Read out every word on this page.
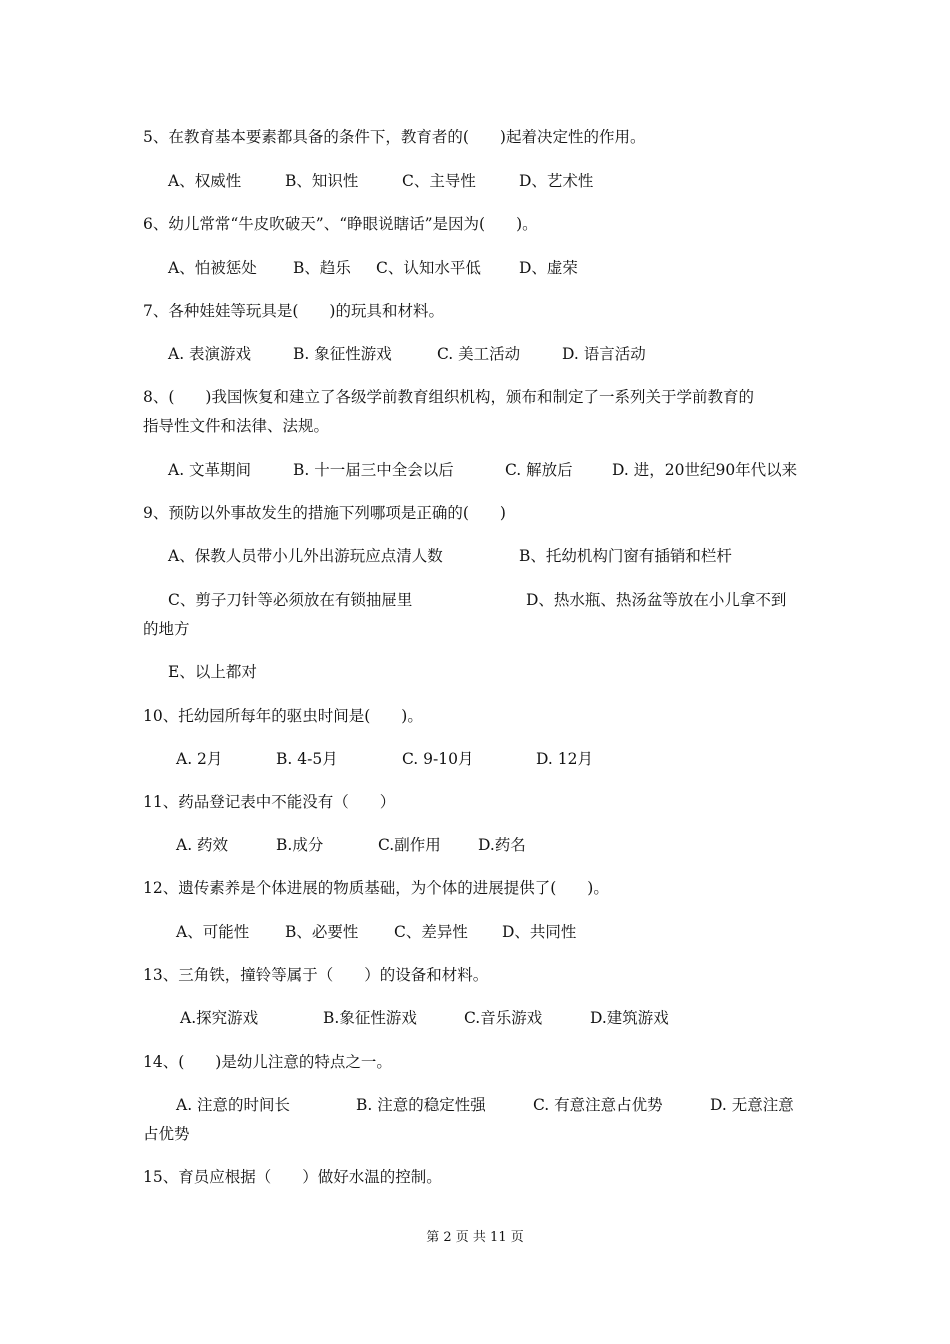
5、在教育基本要素都具备的条件下，教育者的(　　)起着决定性的作用。
A、权威性	B、知识性	C、主导性	D、艺术性
6、幼儿常常“牛皮吹破天”、“睁眼说瞎话”是因为(　　)。
A、怕被惩处 B、趋乐 C、认知水平低 D、虚荣
7、各种娃娃等玩具是(　　)的玩具和材料。
A. 表演游戏	B. 象征性游戏	C. 美工活动	D. 语言活动
8、(　　)我国恢复和建立了各级学前教育组织机构，颁布和制定了一系列关于学前教育的
指导性文件和法律、法规。
A. 文革期间	B. 十一届三中全会以后	C. 解放后	D. 进，20世纪90年代以来
9、预防以外事故发生的措施下列哪项是正确的(　　)
A、保教人员带小儿外出游玩应点清人数	B、托幼机构门窗有插销和栏杆
C、剪子刀针等必须放在有锁抽屉里	D、热水瓶、热汤盆等放在小儿拿不到
的地方
E、以上都对
10、托幼园所每年的驱虫时间是(　　)。
A. 2月	B. 4-5月	C. 9-10月	D. 12月
11、药品登记表中不能没有（　　）
A. 药效	B.成分	C.副作用 D.药名
12、遗传素养是个体进展的物质基础，为个体的进展提供了(　　)。
A、可能性 B、必要性 C、差异性 D、共同性
13、三角铁，撞铃等属于（　　）的设备和材料。
A.探究游戏	B.象征性游戏	C.音乐游戏	D.建筑游戏
14、(　　)是幼儿注意的特点之一。
A. 注意的时间长	B. 注意的稳定性强	C. 有意注意占优势	D. 无意注意
占优势
15、育员应根据（　　）做好水温的控制。
第 2 页 共 11 页
